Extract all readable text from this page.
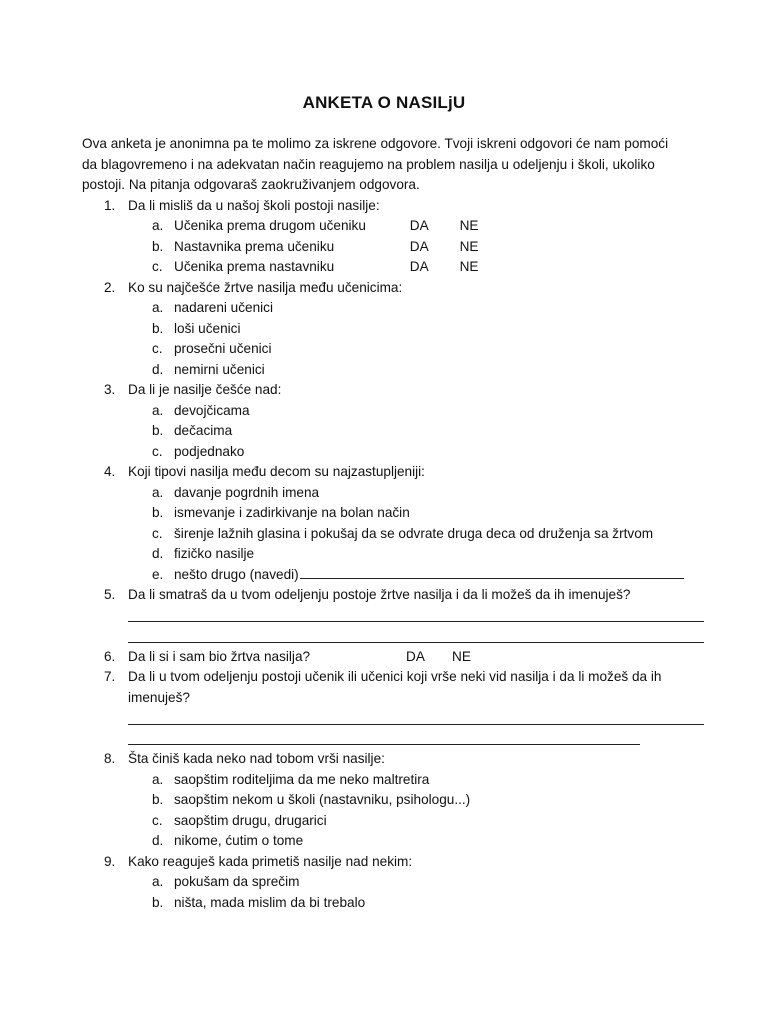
ANKETA O NASILjU

Ova anketa je anonimna pa te molimo za iskrene odgovore. Tvoji iskreni odgovori će nam pomoći

da blagovremeno i na adekvatan način reagujemo na problem nasilja u odeljenju i školi, ukoliko

postoji. Na pitanja odgovaraš zaokruživanjem odgovora.

1. Da li misliš da u našoj školi postoji nasilje:
a. Učenika prema drugom učeniku	DA NE
b. Nastavnika prema učeniku	DA NE
c. Učenika prema nastavniku	DA NE
2. Ko su najčešće žrtve nasilja među učenicima:
a. nadareni učenici
b. loši učenici
c. prosečni učenici
d. nemirni učenici
3. Da li je nasilje češće nad:
a. devojčicama
b. dečacima
c. podjednako
4. Koji tipovi nasilja među decom su najzastupljeniji:
a. davanje pogrdnih imena
b. ismevanje i zadirkivanje na bolan način
c. širenje lažnih glasina i pokušaj da se odvrate druga deca od druženja sa žrtvom
d. fizičko nasilje
e. nešto drugo (navedi)
5. Da li smatraš da u tvom odeljenju postoje žrtve nasilja i da li možeš da ih imenuješ?
6. Da li si i sam bio žrtva nasilja?	DA NE
7. Da li u tvom odeljenju postoji učenik ili učenici koji vrše neki vid nasilja i da li možeš da ih
imenuješ?
8. Šta činiš kada neko nad tobom vrši nasilje:
a. saopštim roditeljima da me neko maltretira
b. saopštim nekom u školi (nastavniku, psihologu...)
c. saopštim drugu, drugarici
d. nikome, ćutim o tome
9. Kako reaguješ kada primetiš nasilje nad nekim:
a. pokušam da sprečim
b. ništa, mada mislim da bi trebalo
